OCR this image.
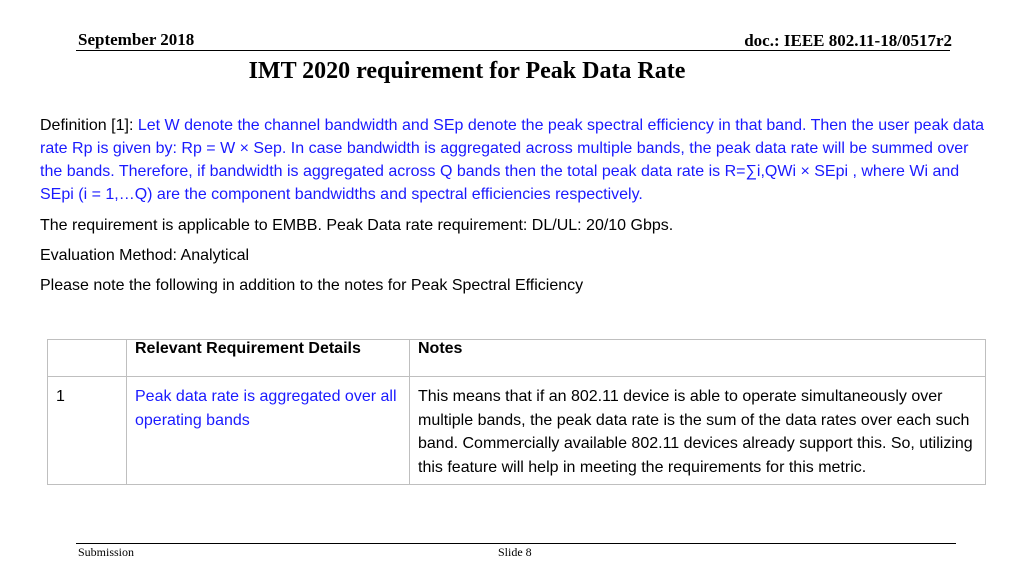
September 2018	doc.: IEEE 802.11-18/0517r2
IMT 2020 requirement for Peak Data Rate
Definition [1]: Let W denote the channel bandwidth and SEp denote the peak spectral efficiency in that band. Then the user peak data rate Rp is given by: Rp = W × Sep. In case bandwidth is aggregated across multiple bands, the peak data rate will be summed over the bands. Therefore, if bandwidth is aggregated across Q bands then the total peak data rate is R=∑i,QWi × SEpi , where Wi and SEpi (i = 1,…Q) are the component bandwidths and spectral efficiencies respectively.
The requirement is applicable to EMBB. Peak Data rate requirement: DL/UL: 20/10 Gbps.
Evaluation Method: Analytical
Please note the following in addition to the notes for Peak Spectral Efficiency
	Relevant Requirement Details	Notes
1	Peak data rate is aggregated over all operating bands	This means that if an 802.11 device is able to operate simultaneously over multiple bands, the peak data rate is the sum of the data rates over each such band. Commercially available 802.11 devices already support this. So, utilizing this feature will help in meeting the requirements for this metric.
Submission	Slide 8
